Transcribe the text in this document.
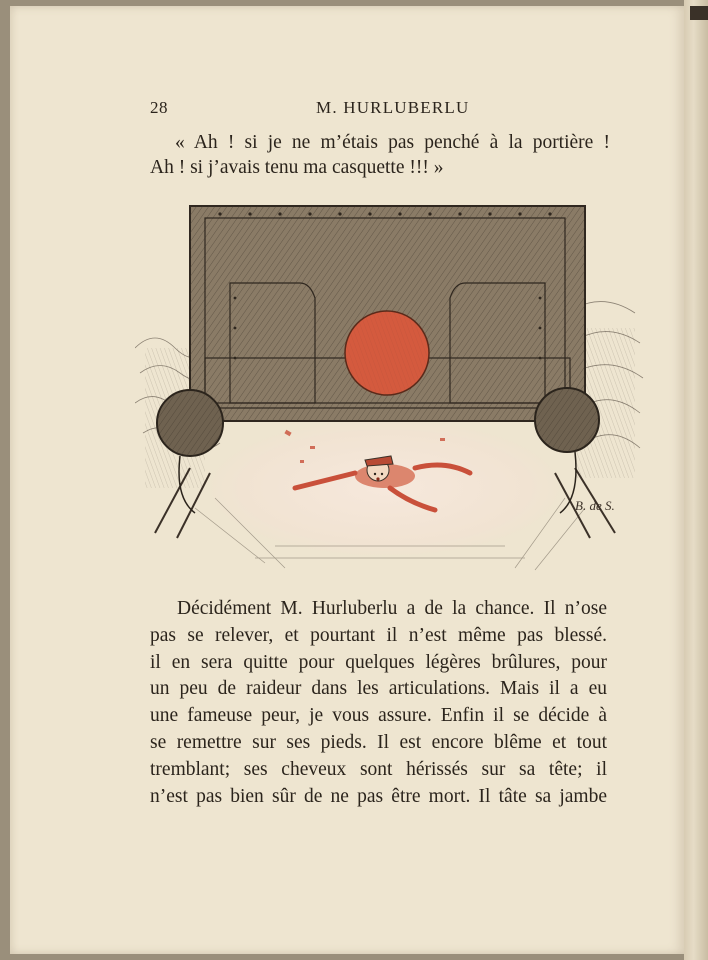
28	M. HURLUBERLU
« Ah ! si je ne m’étais pas penché à la portière !
Ah ! si j’avais tenu ma casquette !!! »
B. de S.
Décidément M. Hurluberlu a de la chance. Il n’ose
pas se relever, et pourtant il n’est même pas blessé.
il en sera quitte pour quelques légères brûlures, pour
un peu de raideur dans les articulations. Mais il a eu
une fameuse peur, je vous assure. Enfin il se décide à
se remettre sur ses pieds. Il est encore blême et tout
tremblant; ses cheveux sont hérissés sur sa tête; il
n’est pas bien sûr de ne pas être mort. Il tâte sa jambe
